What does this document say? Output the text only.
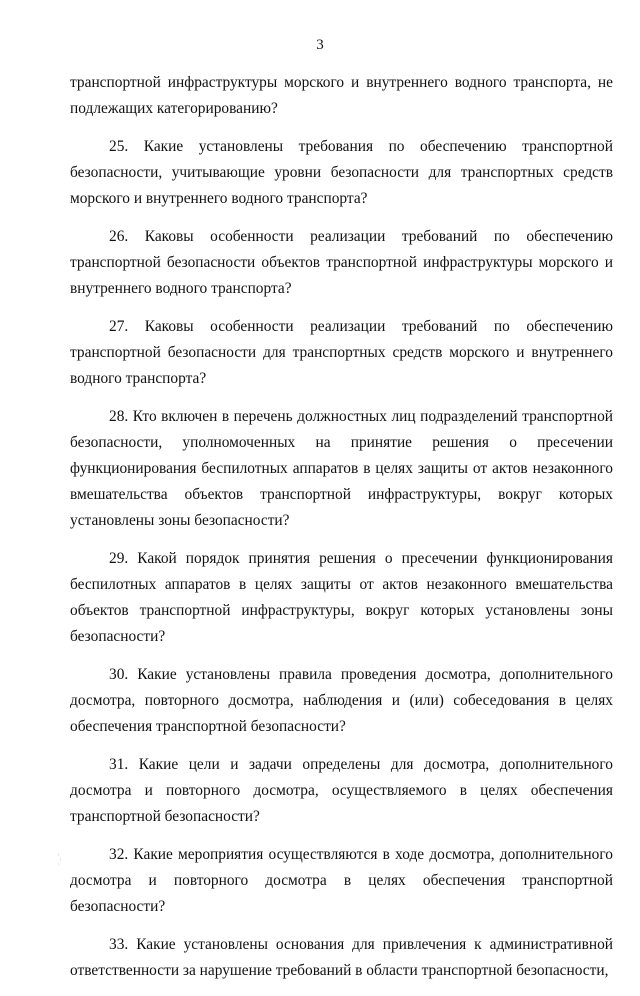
3

транспортной инфраструктуры морского и внутреннего водного транспорта, не подлежащих категорированию?

25. Какие установлены требования по обеспечению транспортной безопасности, учитывающие уровни безопасности для транспортных средств морского и внутреннего водного транспорта?

26. Каковы особенности реализации требований по обеспечению транспортной безопасности объектов транспортной инфраструктуры морского и внутреннего водного транспорта?

27. Каковы особенности реализации требований по обеспечению транспортной безопасности для транспортных средств морского и внутреннего водного транспорта?

28. Кто включен в перечень должностных лиц подразделений транспортной безопасности, уполномоченных на принятие решения о пресечении функционирования беспилотных аппаратов в целях защиты от актов незаконного вмешательства объектов транспортной инфраструктуры, вокруг которых установлены зоны безопасности?

29. Какой порядок принятия решения о пресечении функционирования беспилотных аппаратов в целях защиты от актов незаконного вмешательства объектов транспортной инфраструктуры, вокруг которых установлены зоны безопасности?

30. Какие установлены правила проведения досмотра, дополнительного досмотра, повторного досмотра, наблюдения и (или) собеседования в целях обеспечения транспортной безопасности?

31. Какие цели и задачи определены для досмотра, дополнительного досмотра и повторного досмотра, осуществляемого в целях обеспечения транспортной безопасности?

32. Какие мероприятия осуществляются в ходе досмотра, дополнительного досмотра и повторного досмотра в целях обеспечения транспортной безопасности?

33. Какие установлены основания для привлечения к административной ответственности за нарушение требований в области транспортной безопасности,
